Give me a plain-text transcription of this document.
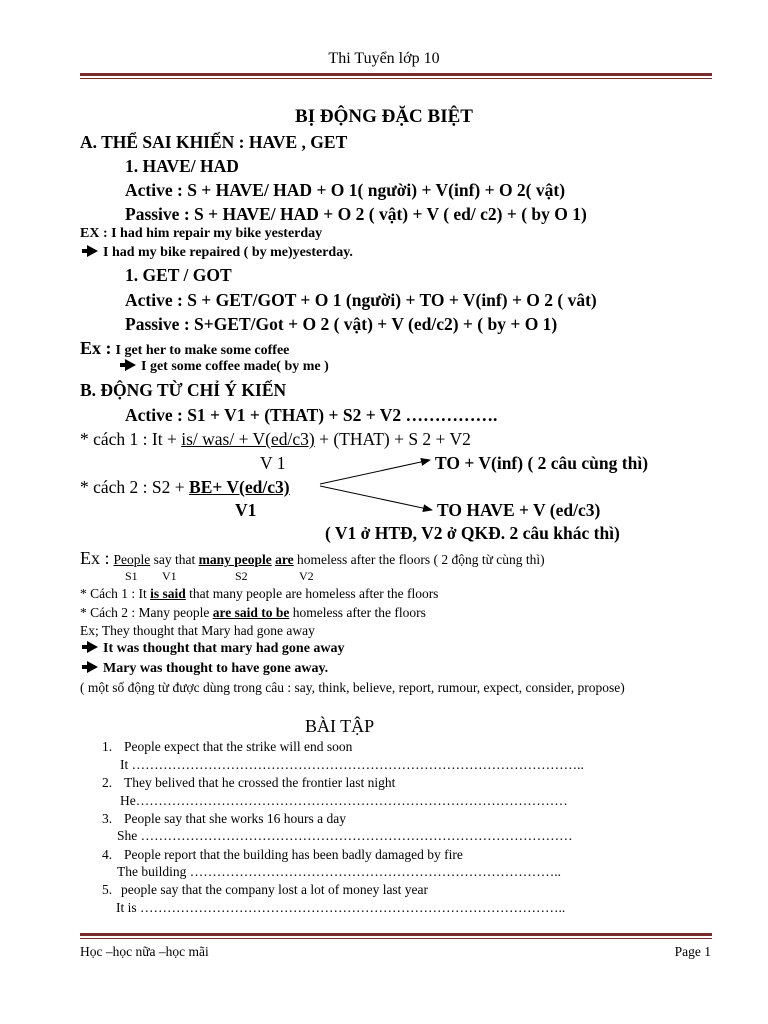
Thi Tuyển lớp 10
BỊ ĐỘNG ĐẶC BIỆT
A. THỂ SAI KHIẾN : HAVE , GET
1. HAVE/ HAD
Active : S + HAVE/ HAD + O 1( người) + V(inf) + O 2( vật)
Passive : S + HAVE/ HAD + O 2 ( vật) + V ( ed/ c2) + ( by O 1)
EX : I had him repair my bike yesterday
I had my bike repaired ( by me)yesterday.
1. GET / GOT
Active : S + GET/GOT + O 1 (người) + TO + V(inf) + O 2 ( vât)
Passive : S+GET/Got + O 2 ( vật) + V (ed/c2) + ( by + O 1)
Ex : I get her to make some coffee
I get some coffee made( by me )
B. ĐỘNG TỪ CHỈ Ý KIẾN
Active : S1 + V1 + (THAT) + S2 + V2 …………….
* cách 1 : It + is/ was/ + V(ed/c3) + (THAT) + S 2 + V2
V 1	TO + V(inf) ( 2 câu cùng thì)
* cách 2 : S2 + BE+ V(ed/c3)
V1	TO HAVE + V (ed/c3)
( V1 ở HTĐ, V2 ở QKĐ. 2 câu khác thì)
Ex : People say that many people are homeless after the floors ( 2 động từ cùng thì)
S1 V1	S2	V2
* Cách 1 : It is said that many people are homeless after the floors
* Cách 2 : Many people are said to be homeless after the floors
Ex; They thought that Mary had gone away
It was thought that mary had gone away
Mary was thought to have gone away.
( một số động từ được dùng trong câu : say, think, believe, report, rumour, expect, consider, propose)
BÀI TẬP
1. People expect that the strike will end soon
It ………………………………………………………………………………………..
2. They belived that he crossed the frontier last night
He……………………………………………………………………………………
3. People say that she works 16 hours a day
She ……………………………………………………………………………………
4. People report that the building has been badly damaged by fire
The building ………………………………………………………………………..
5. people say that the company lost a lot of money last year
It is …………………………………………………………………………………..
Học –học nữa –học mãi	Page 1
